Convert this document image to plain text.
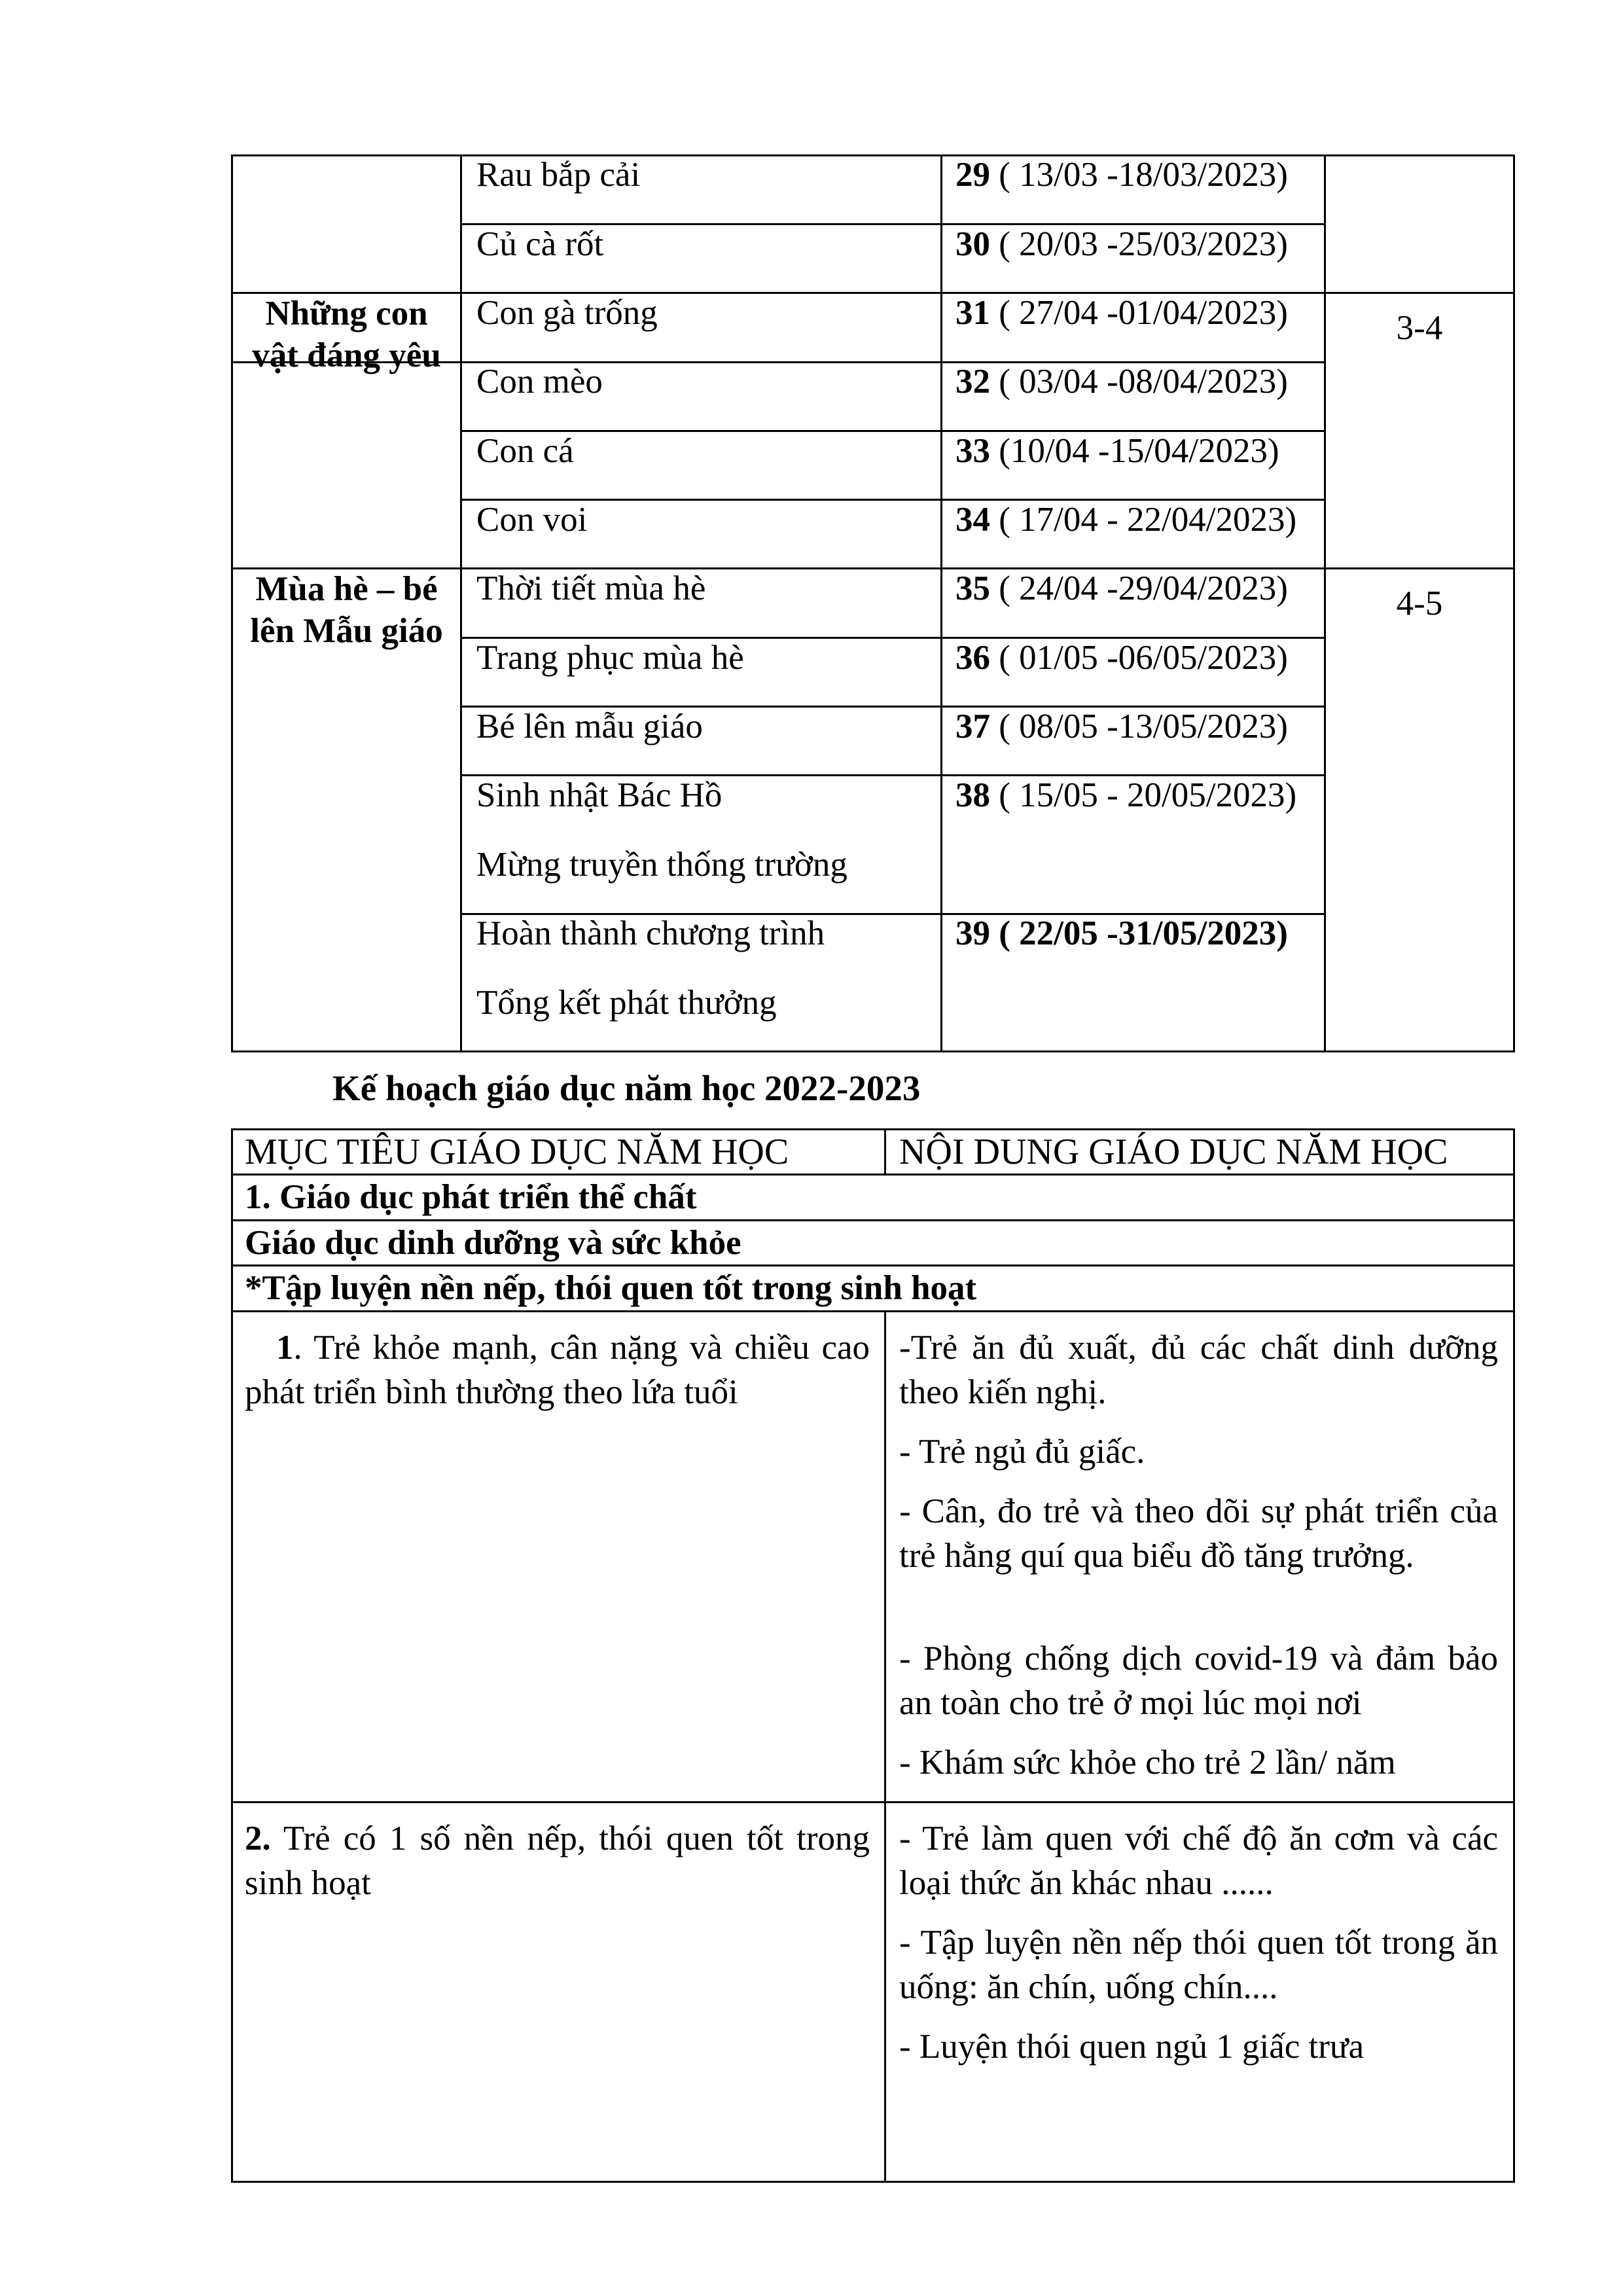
Rau bắp cải
Củ cà rốt
Con gà trống
Con mèo
Con cá
Con voi
Thời tiết mùa hè
Trang phục mùa hè
Bé lên mẫu giáo
Sinh nhật Bác Hồ
Mừng truyền thống trường
Hoàn thành chương trình
Tổng kết phát thưởng
29 ( 13/03 -18/03/2023)
30 ( 20/03 -25/03/2023)
31 ( 27/04 -01/04/2023)
32 ( 03/04 -08/04/2023)
33 (10/04 -15/04/2023)
34 ( 17/04 - 22/04/2023)
35 ( 24/04 -29/04/2023)
36 ( 01/05 -06/05/2023)
37 ( 08/05 -13/05/2023)
38 ( 15/05 - 20/05/2023)
39 ( 22/05 -31/05/2023)
Những con
vật đáng yêu
Mùa hè – bé
lên Mẫu giáo
3-4
4-5
Kế hoạch giáo dục năm học 2022-2023
MỤC TIÊU GIÁO DỤC NĂM HỌC	NỘI DUNG GIÁO DỤC NĂM HỌC
1. Giáo dục phát triển thể chất
Giáo dục dinh dưỡng và sức khỏe
*Tập luyện nền nếp, thói quen tốt trong sinh hoạt
1. Trẻ khỏe mạnh, cân nặng và chiều cao phát triển bình thường theo lứa tuổi
-Trẻ ăn đủ xuất, đủ các chất dinh dưỡng theo kiến nghị.
- Trẻ ngủ đủ giấc.
- Cân, đo trẻ và theo dõi sự phát triển của trẻ hằng quí qua biểu đồ tăng trưởng.
- Phòng chống dịch covid-19 và đảm bảo an toàn cho trẻ ở mọi lúc mọi nơi
- Khám sức khỏe cho trẻ 2 lần/ năm
2. Trẻ có 1 số nền nếp, thói quen tốt trong sinh hoạt
- Trẻ làm quen với chế độ ăn cơm và các loại thức ăn khác nhau ......
- Tập luyện nền nếp thói quen tốt trong ăn uống: ăn chín, uống chín....
- Luyện thói quen ngủ 1 giấc trưa
